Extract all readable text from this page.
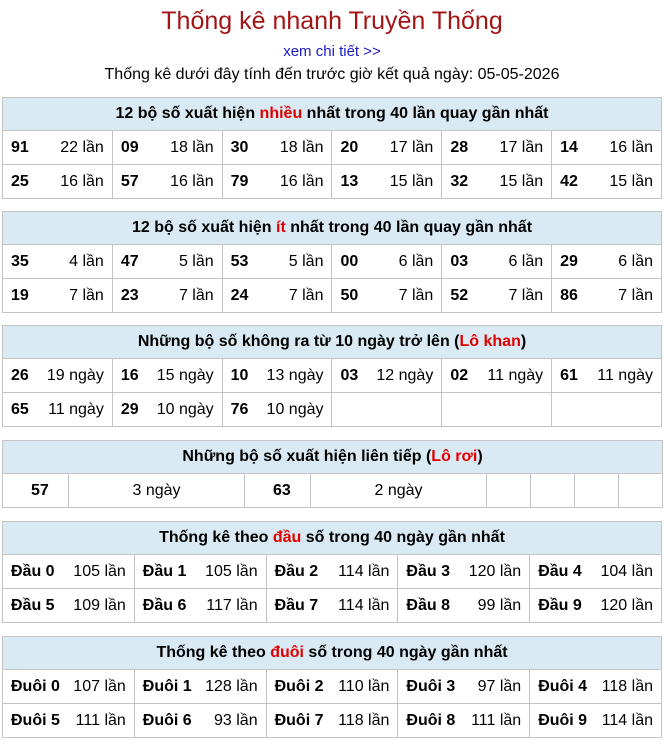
Thống kê nhanh Truyền Thống
xem chi tiết >>
Thống kê dưới đây tính đến trước giờ kết quả ngày: 05-05-2026
12 bộ số xuất hiện nhiều nhất trong 40 lần quay gần nhất					
91 22 lần	09 18 lần	30 18 lần	20 17 lần	28 17 lần	14 16 lần

25 16 lần	57 16 lần	79 16 lần	13 15 lần	32 15 lần	42 15 lần
12 bộ số xuất hiện ít nhất trong 40 lần quay gần nhất					
35 4 lần	47 5 lần	53 5 lần	00 6 lần	03 6 lần	29 6 lần

19 7 lần	23 7 lần	24 7 lần	50 7 lần	52 7 lần	86 7 lần
Những bộ số không ra từ 10 ngày trở lên (Lô khan)					
26 19 ngày	16 15 ngày	10 13 ngày	03 12 ngày	02 11 ngày	61 11 ngày

65 11 ngày	29 10 ngày	76 10 ngày			

Những bộ số xuất hiện liên tiếp (Lô rơi)
57	3 ngày	63	2 ngày				
Thống kê theo đầu số trong 40 ngày gần nhất				
Đầu 0 105 lần	Đầu 1 105 lần	Đầu 2 114 lần	Đầu 3 120 lần	Đầu 4 104 lần

Đầu 5 109 lần	Đầu 6 117 lần	Đầu 7 114 lần	Đầu 8 99 lần	Đầu 9 120 lần
Thống kê theo đuôi số trong 40 ngày gần nhất				
Đuôi 0 107 lần	Đuôi 1 128 lần	Đuôi 2 110 lần	Đuôi 3 97 lần	Đuôi 4 118 lần

Đuôi 5 111 lần	Đuôi 6 93 lần	Đuôi 7 118 lần	Đuôi 8 111 lần	Đuôi 9 114 lần
